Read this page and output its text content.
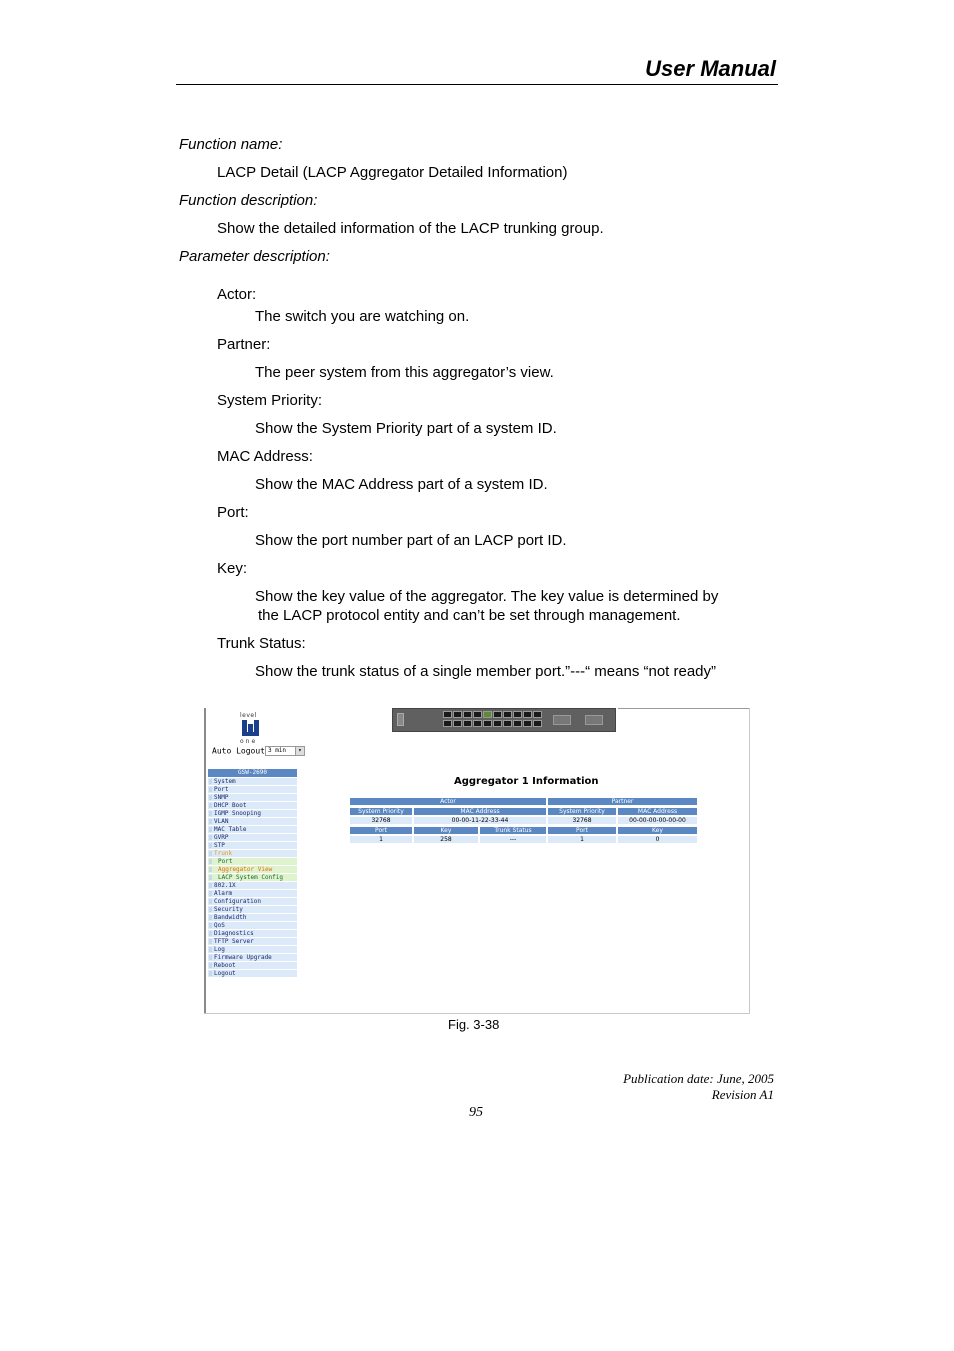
User Manual
Function name:
LACP Detail (LACP Aggregator Detailed Information)
Function description:
Show the detailed information of the LACP trunking group.
Parameter description:
Actor:
The switch you are watching on.
Partner:
The peer system from this aggregator’s view.
System Priority:
Show the System Priority part of a system ID.
MAC Address:
Show the MAC Address part of a system ID.
Port:
Show the port number part of an LACP port ID.
Key:
Show the key value of the aggregator. The key value is determined by
the LACP protocol entity and can’t be set through management.
Trunk Status:
Show the trunk status of a single member port.”---“ means “not ready”
level
one
Auto Logout 3 min	▾
GSW-2690
System
Port
SNMP
DHCP Boot
IGMP Snooping
VLAN
MAC Table
GVRP
STP
Trunk
Port
Aggregator View
LACP System Config
802.1X
Alarm
Configuration
Security
Bandwidth
QoS
Diagnostics
TFTP Server
Log
Firmware Upgrade
Reboot
Logout
Aggregator 1 Information
Actor	Partner
System Priority	MAC Address	System Priority	MAC Address
32768	00-00-11-22-33-44	32768	00-00-00-00-00-00
Port	Key	Trunk Status	Port	Key
1	258	---	1	0
Fig. 3-38
Publication date: June, 2005
Revision A1
95
